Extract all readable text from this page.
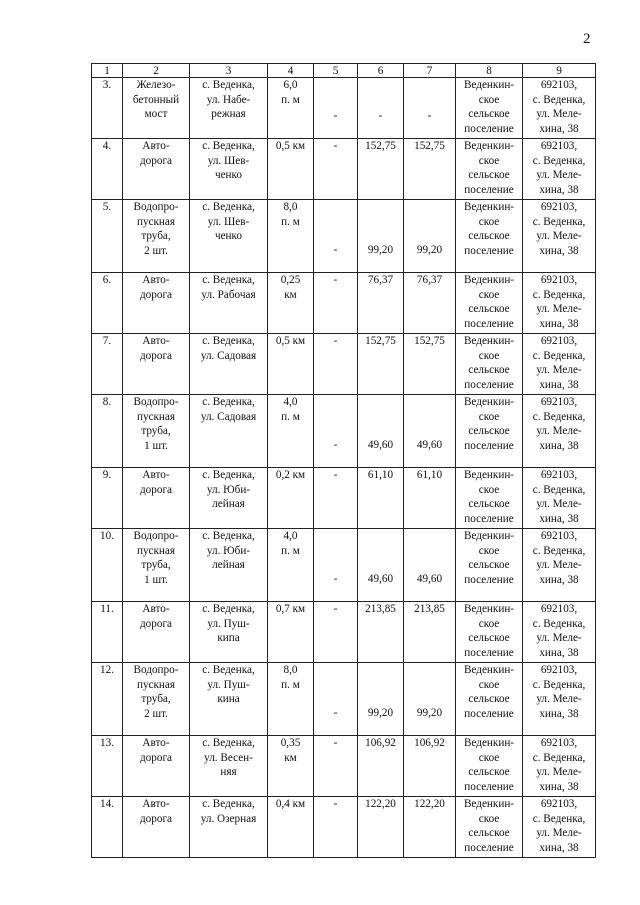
2
1	2	3	4	5	6	7	8	9
3.	Железо-
бетонный
мост	с. Веденка,
ул. Набе-
режная	6,0
п. м	-	-	-	Веденкин-
ское
сельское
поселение	692103,
с. Веденка,
ул. Меле-
хина, 38
4.	Авто-
дорога	с. Веденка,
ул. Шев-
ченко	0,5 км	-	152,75	152,75	Веденкин-
ское
сельское
поселение	692103,
с. Веденка,
ул. Меле-
хина, 38
5.	Водопро-
пускная
труба,
2 шт.	с. Веденка,
ул. Шев-
ченко	8,0
п. м	-	99,20	99,20	Веденкин-
ское
сельское
поселение	692103,
с. Веденка,
ул. Меле-
хина, 38
6.	Авто-
дорога	с. Веденка,
ул. Рабочая	0,25
км	-	76,37	76,37	Веденкин-
ское
сельское
поселение	692103,
с. Веденка,
ул. Меле-
хина, 38
7.	Авто-
дорога	с. Веденка,
ул. Садовая	0,5 км	-	152,75	152,75	Веденкин-
ское
сельское
поселение	692103,
с. Веденка,
ул. Меле-
хина, 38
8.	Водопро-
пускная
труба,
1 шт.	с. Веденка,
ул. Садовая	4,0
п. м	-	49,60	49,60	Веденкин-
ское
сельское
поселение	692103,
с. Веденка,
ул. Меле-
хина, 38
9.	Авто-
дорога	с. Веденка,
ул. Юби-
лейная	0,2 км	-	61,10	61,10	Веденкин-
ское
сельское
поселение	692103,
с. Веденка,
ул. Меле-
хина, 38
10.	Водопро-
пускная
труба,
1 шт.	с. Веденка,
ул. Юби-
лейная	4,0
п. м	-	49,60	49,60	Веденкин-
ское
сельское
поселение	692103,
с. Веденка,
ул. Меле-
хина, 38
11.	Авто-
дорога	с. Веденка,
ул. Пуш-
кипа	0,7 км	-	213,85	213,85	Веденкин-
ское
сельское
поселение	692103,
с. Веденка,
ул. Меле-
хина, 38
12.	Водопро-
пускная
труба,
2 шт.	с. Веденка,
ул. Пуш-
кина	8,0
п. м	-	99,20	99,20	Веденкин-
ское
сельское
поселение	692103,
с. Веденка,
ул. Меле-
хина, 38
13.	Авто-
дорога	с. Веденка,
ул. Весен-
няя	0,35
км	-	106,92	106,92	Веденкин-
ское
сельское
поселение	692103,
с. Веденка,
ул. Меле-
хина, 38
14.	Авто-
дорога	с. Веденка,
ул. Озерная	0,4 км	-	122,20	122,20	Веденкин-
ское
сельское
поселение	692103,
с. Веденка,
ул. Меле-
хина, 38
